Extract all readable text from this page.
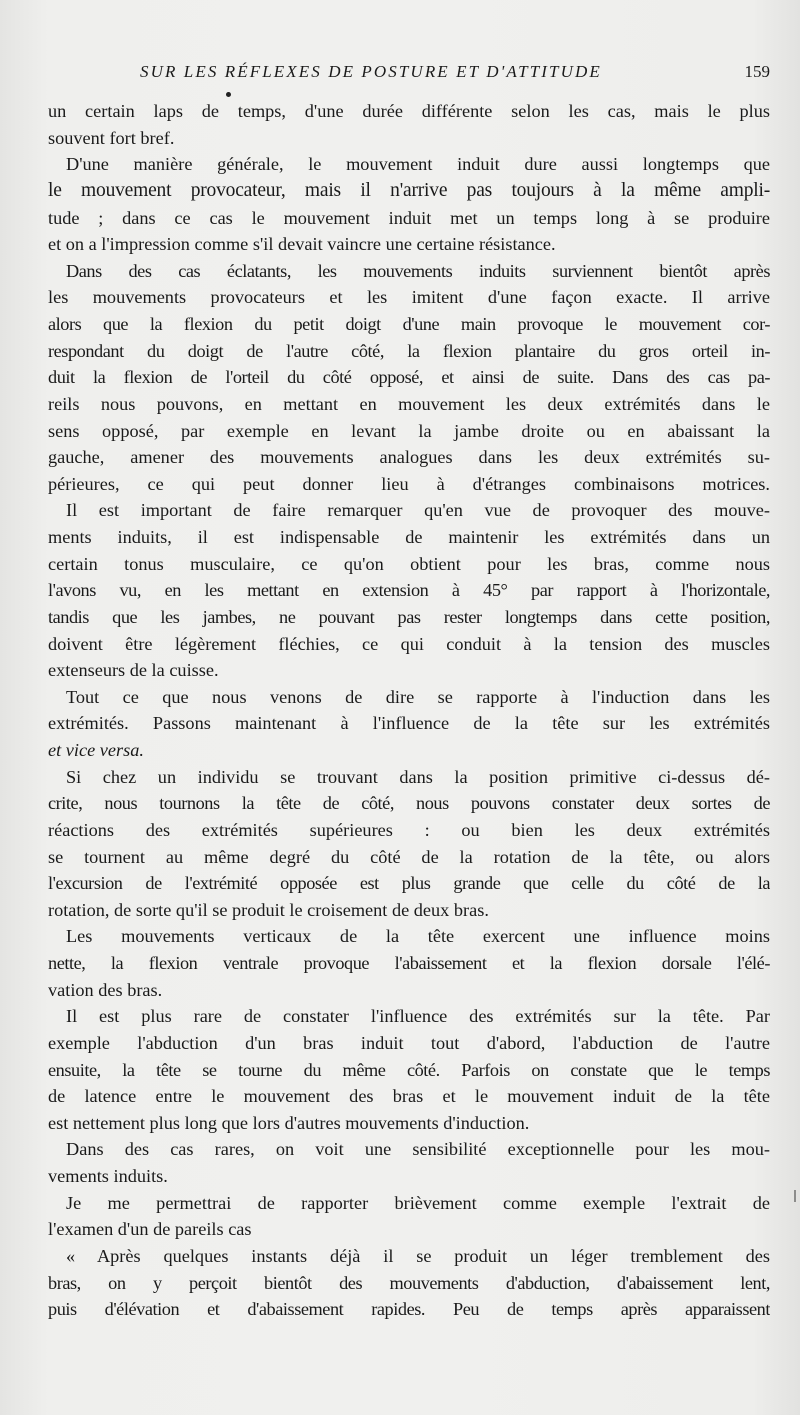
SUR LES RÉFLEXES DE POSTURE ET D'ATTITUDE	159
un certain laps de temps, d'une durée différente selon les cas, mais le plus
souvent fort bref.
D'une manière générale, le mouvement induit dure aussi longtemps que
le mouvement provocateur, mais il n'arrive pas toujours à la même ampli-
tude ; dans ce cas le mouvement induit met un temps long à se produire
et on a l'impression comme s'il devait vaincre une certaine résistance.
Dans des cas éclatants, les mouvements induits surviennent bientôt après
les mouvements provocateurs et les imitent d'une façon exacte. Il arrive
alors que la flexion du petit doigt d'une main provoque le mouvement cor-
respondant du doigt de l'autre côté, la flexion plantaire du gros orteil in-
duit la flexion de l'orteil du côté opposé, et ainsi de suite. Dans des cas pa-
reils nous pouvons, en mettant en mouvement les deux extrémités dans le
sens opposé, par exemple en levant la jambe droite ou en abaissant la
gauche, amener des mouvements analogues dans les deux extrémités su-
périeures, ce qui peut donner lieu à d'étranges combinaisons motrices.
Il est important de faire remarquer qu'en vue de provoquer des mouve-
ments induits, il est indispensable de maintenir les extrémités dans un
certain tonus musculaire, ce qu'on obtient pour les bras, comme nous
l'avons vu, en les mettant en extension à 45° par rapport à l'horizontale,
tandis que les jambes, ne pouvant pas rester longtemps dans cette position,
doivent être légèrement fléchies, ce qui conduit à la tension des muscles
extenseurs de la cuisse.
Tout ce que nous venons de dire se rapporte à l'induction dans les
extrémités. Passons maintenant à l'influence de la tête sur les extrémités
et vice versa.
Si chez un individu se trouvant dans la position primitive ci-dessus dé-
crite, nous tournons la tête de côté, nous pouvons constater deux sortes de
réactions des extrémités supérieures : ou bien les deux extrémités
se tournent au même degré du côté de la rotation de la tête, ou alors
l'excursion de l'extrémité opposée est plus grande que celle du côté de la
rotation, de sorte qu'il se produit le croisement de deux bras.
Les mouvements verticaux de la tête exercent une influence moins
nette, la flexion ventrale provoque l'abaissement et la flexion dorsale l'élé-
vation des bras.
Il est plus rare de constater l'influence des extrémités sur la tête. Par
exemple l'abduction d'un bras induit tout d'abord, l'abduction de l'autre
ensuite, la tête se tourne du même côté. Parfois on constate que le temps
de latence entre le mouvement des bras et le mouvement induit de la tête
est nettement plus long que lors d'autres mouvements d'induction.
Dans des cas rares, on voit une sensibilité exceptionnelle pour les mou-
vements induits.
Je me permettrai de rapporter brièvement comme exemple l'extrait de
l'examen d'un de pareils cas
« Après quelques instants déjà il se produit un léger tremblement des
bras, on y perçoit bientôt des mouvements d'abduction, d'abaissement lent,
puis d'élévation et d'abaissement rapides. Peu de temps après apparaissent
